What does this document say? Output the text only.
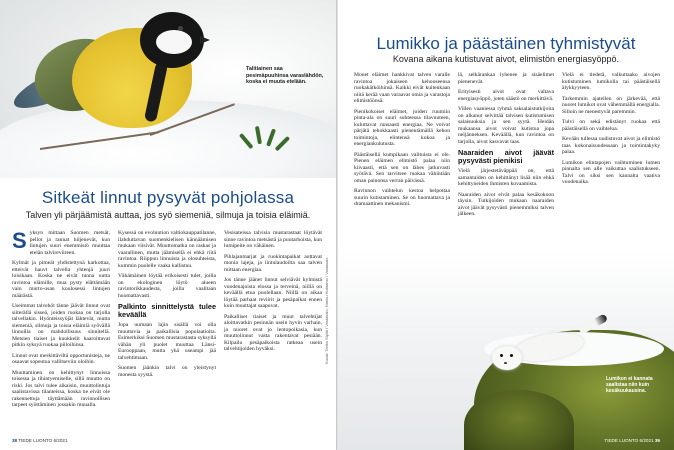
Talitiainen saa pesimäpuuhinsa varaslähdön, koska ei muuta etelään.
Sitkeät linnut pysyvät pohjolassa
Talven yli pärjäämistä auttaa, jos syö siemeniä, silmuja ja toisia eläimiä.

Syksyn mittaan Suomen metsät, pellot ja rannat hiljenevät, kun lintujen suuri enemmistö muuttaa etelän talvireviireen.

Kylmät ja pimeät yhdistettynä karkottaa, etteivät hauvt talvella yhtenjä juuri loisikaan. Koska ne eivät tunna uutta ravintoa elämille, mua pysty elättämään vain murto-osan koulosessi lintujen määrästä.

Useimmat talvehöt tänne jäävät linnut ovat siiterällä sisseä, joiden ruokaa on tarjolla talvellakin. Hyönteissyöjät lähtevät, mutta siemeniä, silmuja ja toisia eläimiä syövällä linnuilla on mahdollisuus sinnitellä. Metsien tiaiset ja kuukkelit haaroittavat pitkin syksyä ruokaa piiloihinsa.

Linnut ovat merkittäviltä opportunisteja, ne osaavat sopeutua vallitseviin oloihin.

Muuttaminen on kehittynyt linnuissa toisessa ja tihintyemiselle, sillä muutto on riski. Jos talvi tulee aikaisin, muuttolintuja saalistavissa tilanteissa, koska ne eivät ole rakennettuja täyttämään ravinnollisen tarpeet syöttäminen jossakin muualla.

Kysessä on evoluution valtiokauppatilanne, ilahduttavan suomenkielisen kännäämisen mukaan viisivät. Muuttomatka on raskas ja vaarallinen, mutta jäämisellä ei ehkä riitä ravintoa. Riippuu linnuista ja olosuhteista, kummin puolelle vaaka kallistuu.

Vähämäinen löytää erikoisesti tulet, joilla on ekologinen löytö alueen ravintorikkaudesta, joilla vaalitaan huomattavasti.

Palkinto sinnittelystä tulee keväällä

Jopa uumaan lajin sisällä voi olla muuttavia ja paikallisia populaatioita. Esimerkiksi Suomen mustarastasta syksyllä vähän yli puolet muuttaa Länsi-Eurooppaan, mutta yhä useampi jää talvehtimaan.

Suomen jäänkin talvi on yleistynyt monesta syystä.

Vesisateissa talvisia mustarastaat löytävät sinne ravintoa metsästä ja puutarhoista, kun lumipeite on vähäinen.

Pihlajanmarjat ja ruokintapaikat auttavat monia lajeja, ja lintulaudoilta saa talven mittaan energiaa.

Jos tänne jäänet linnut selviävät kylmistä vuodenajoista elossa ja terveinä, niillä on keväällä etua puolellaan. Niillä on aikaa löytää parhaat reviirit ja pesäpaikat ennen kuin muuttajat saapuvat.

Paikalliset tiaiset ja muut talvehtijat aloittavatkin pesinnän usein hyvin varhain, ja nuoret ovat jo lentopoikasia, kun muuttolinnut vasta rakentavat pesiään. Kilpailu pesäpaikoista ratkeaa usein talvehtijoiden hyväksi.	Kuvat: Tahko Sipilä / Vastavalo, Hannu Huhtamo / Vastavalo
38 TIEDE LUONTO 6/2021
Lumikko ja päästäinen tyhmistyvät
Kovana aikana kutistuvat aivot, elimistön energiasyöppö.

Monet eläimet hankkivat talven varalle ravintoa jokaiseen kehooseensa ruokakätköihinsä. Kaikki eivät kuitenkaan niitä kerää vaan varaavat omia ja varastoja elimistöönsä.

Pienikokoiset eläimet, joiden ruumiin pinta-ala on suuri suhteessa tilavuuteen, kuluttavat runsaasti energiaa. Ne voivat pärjätä tehokkaasti pienentämällä kehon toimintoja, elintensä kokoa ja energiankulutusta.

Päästäisellä kumpikaan valituista ei ole. Pienen eläimen elimistö palaa niin kiivaasti, että sen on lähes jatkuvasti syötävä. Sen tarvitsee ruokaa vähintään oman painonsa verran päivässä.

Ravinnon vaihtelun kestoa helpottaa suurin kutistaminen. Se on huomattava ja dramaattinen mekanismi.

lä, selkärankaa lyhenee ja sisäelimet pienenevät.

Erityisesti aivot ovat valtava energiasyöppö, joten säästö on merkittävä.

Villen vaaniessa ryhmä saksalaistutkijoita on alkanut selvittää talvisen kutistumisen salaisuuksia ja sen syytä. Heidän mukaansa aivot voivat kutistua jopa neljänneksen. Keväällä, kun ravintoa on tarjolla, aivot kasvavat taas.

Naaraiden aivot jäävät pysyvästi pienikisi

Vielä järjestetäväppää on, että samantaiden on kehittänyt lisää niin ehkä kehittyneiden ihmisten kuvaamista.

Naaraiden aivot eivät palaa kesäkokoon täysin. Tutkijoiden mukaan naaraiden aivot jäävät pysyvästi pienemmiksi talven jälkeen.

Vielä ei tiedetä, valkuttaako aivojen kutistuminen lumikolla tai päästäisellä älykkyyteen.

Tarkemmin ajatellen on järkevää, että nuoret lumikot ovat vähemmällä energialla. Silloin ne menestyvät paremmin.

Tulvi on sekä edistänyt ruokaa että päästäisellä on vaihtelua.

Kevään tullessa uudistuvat aivot ja elimistö taas kokonaisuudessaan ja toimintakyky palaa.

Lumikon elintapojen vaihtuminen lumen pinnalta sen alle vaikuttaa saalistukseen. Talvi on siksi sen kannalta vaativa vuodenaika.

Lumikon ei kannata saalistaa niin kuin kesäkuukausina.
TIEDE LUONTO 6/2021 39
